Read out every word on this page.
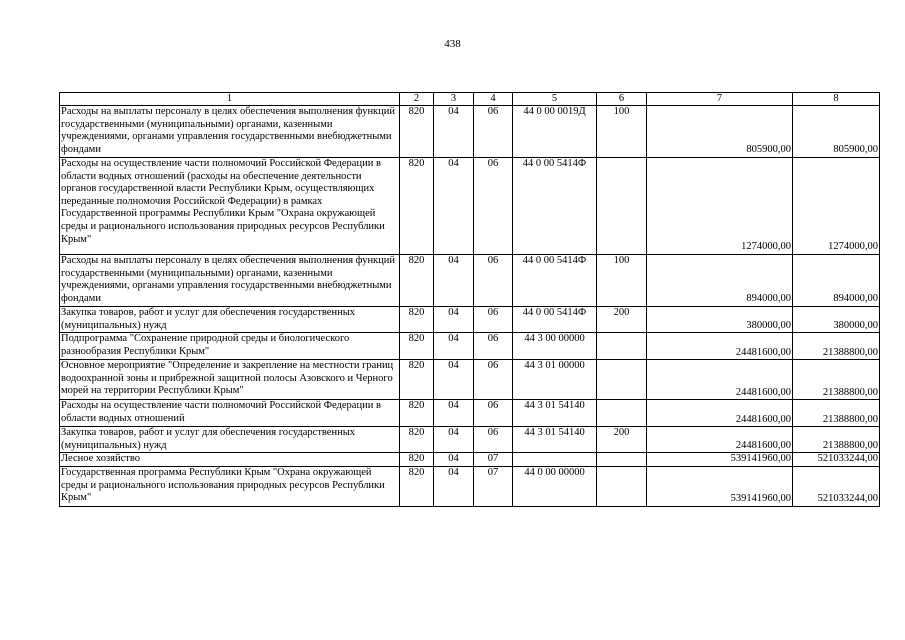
438
1	2	3	4	5	6	7	8
Расходы на выплаты персоналу в целях обеспечения выполнения функций государственными (муниципальными) органами, казенными учреждениями, органами управления государственными внебюджетными фондами	820	04	06	44 0 00 0019Д	100	805900,00	805900,00
Расходы на осуществление части полномочий Российской Федерации в области водных отношений (расходы на обеспечение деятельности органов государственной власти Республики Крым, осуществляющих переданные полномочия Российской Федерации) в рамках Государственной программы Республики Крым "Охрана окружающей среды и рационального использования природных ресурсов Республики Крым"	820	04	06	44 0 00 5414Ф		1274000,00	1274000,00
Расходы на выплаты персоналу в целях обеспечения выполнения функций государственными (муниципальными) органами, казенными учреждениями, органами управления государственными внебюджетными фондами	820	04	06	44 0 00 5414Ф	100	894000,00	894000,00
Закупка товаров, работ и услуг для обеспечения государственных (муниципальных) нужд	820	04	06	44 0 00 5414Ф	200	380000,00	380000,00
Подпрограмма "Сохранение природной среды и биологического разнообразия Республики Крым"	820	04	06	44 3 00 00000		24481600,00	21388800,00
Основное мероприятие "Определение и закрепление на местности границ водоохранной зоны и прибрежной защитной полосы Азовского и Черного морей на территории Республики Крым"	820	04	06	44 3 01 00000		24481600,00	21388800,00
Расходы на осуществление части полномочий Российской Федерации в области водных отношений	820	04	06	44 3 01 54140		24481600,00	21388800,00
Закупка товаров, работ и услуг для обеспечения государственных (муниципальных) нужд	820	04	06	44 3 01 54140	200	24481600,00	21388800,00
Лесное хозяйство	820	04	07			539141960,00	521033244,00
Государственная программа Республики Крым "Охрана окружающей среды и рационального использования природных ресурсов Республики Крым"	820	04	07	44 0 00 00000		539141960,00	521033244,00
